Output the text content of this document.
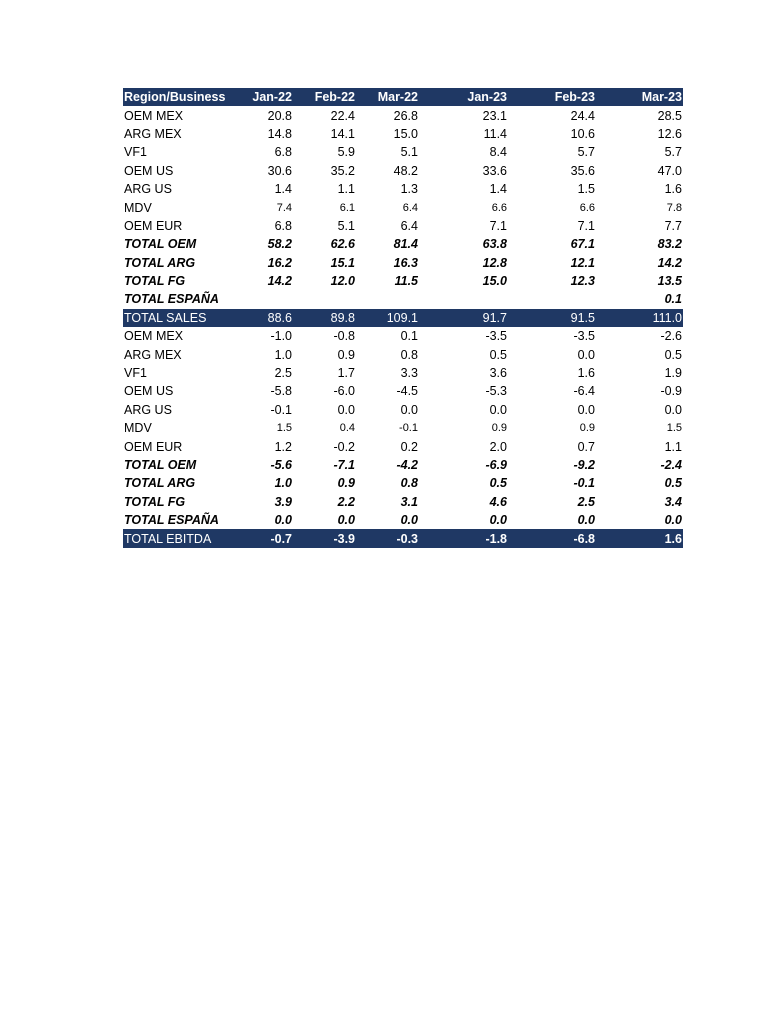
Region/Business	Jan-22	Feb-22	Mar-22	Jan-23	Feb-23	Mar-23
OEM MEX	20.8	22.4	26.8	23.1	24.4	28.5
ARG MEX	14.8	14.1	15.0	11.4	10.6	12.6
VF1	6.8	5.9	5.1	8.4	5.7	5.7
OEM US	30.6	35.2	48.2	33.6	35.6	47.0
ARG US	1.4	1.1	1.3	1.4	1.5	1.6
MDV	7.4	6.1	6.4	6.6	6.6	7.8
OEM EUR	6.8	5.1	6.4	7.1	7.1	7.7
TOTAL OEM	58.2	62.6	81.4	63.8	67.1	83.2
TOTAL ARG	16.2	15.1	16.3	12.8	12.1	14.2
TOTAL FG	14.2	12.0	11.5	15.0	12.3	13.5
TOTAL ESPAÑA						0.1
TOTAL SALES	88.6	89.8	109.1	91.7	91.5	111.0
OEM MEX	-1.0	-0.8	0.1	-3.5	-3.5	-2.6
ARG MEX	1.0	0.9	0.8	0.5	0.0	0.5
VF1	2.5	1.7	3.3	3.6	1.6	1.9
OEM US	-5.8	-6.0	-4.5	-5.3	-6.4	-0.9
ARG US	-0.1	0.0	0.0	0.0	0.0	0.0
MDV	1.5	0.4	-0.1	0.9	0.9	1.5
OEM EUR	1.2	-0.2	0.2	2.0	0.7	1.1
TOTAL OEM	-5.6	-7.1	-4.2	-6.9	-9.2	-2.4
TOTAL ARG	1.0	0.9	0.8	0.5	-0.1	0.5
TOTAL FG	3.9	2.2	3.1	4.6	2.5	3.4
TOTAL ESPAÑA	0.0	0.0	0.0	0.0	0.0	0.0
TOTAL EBITDA	-0.7	-3.9	-0.3	-1.8	-6.8	1.6
